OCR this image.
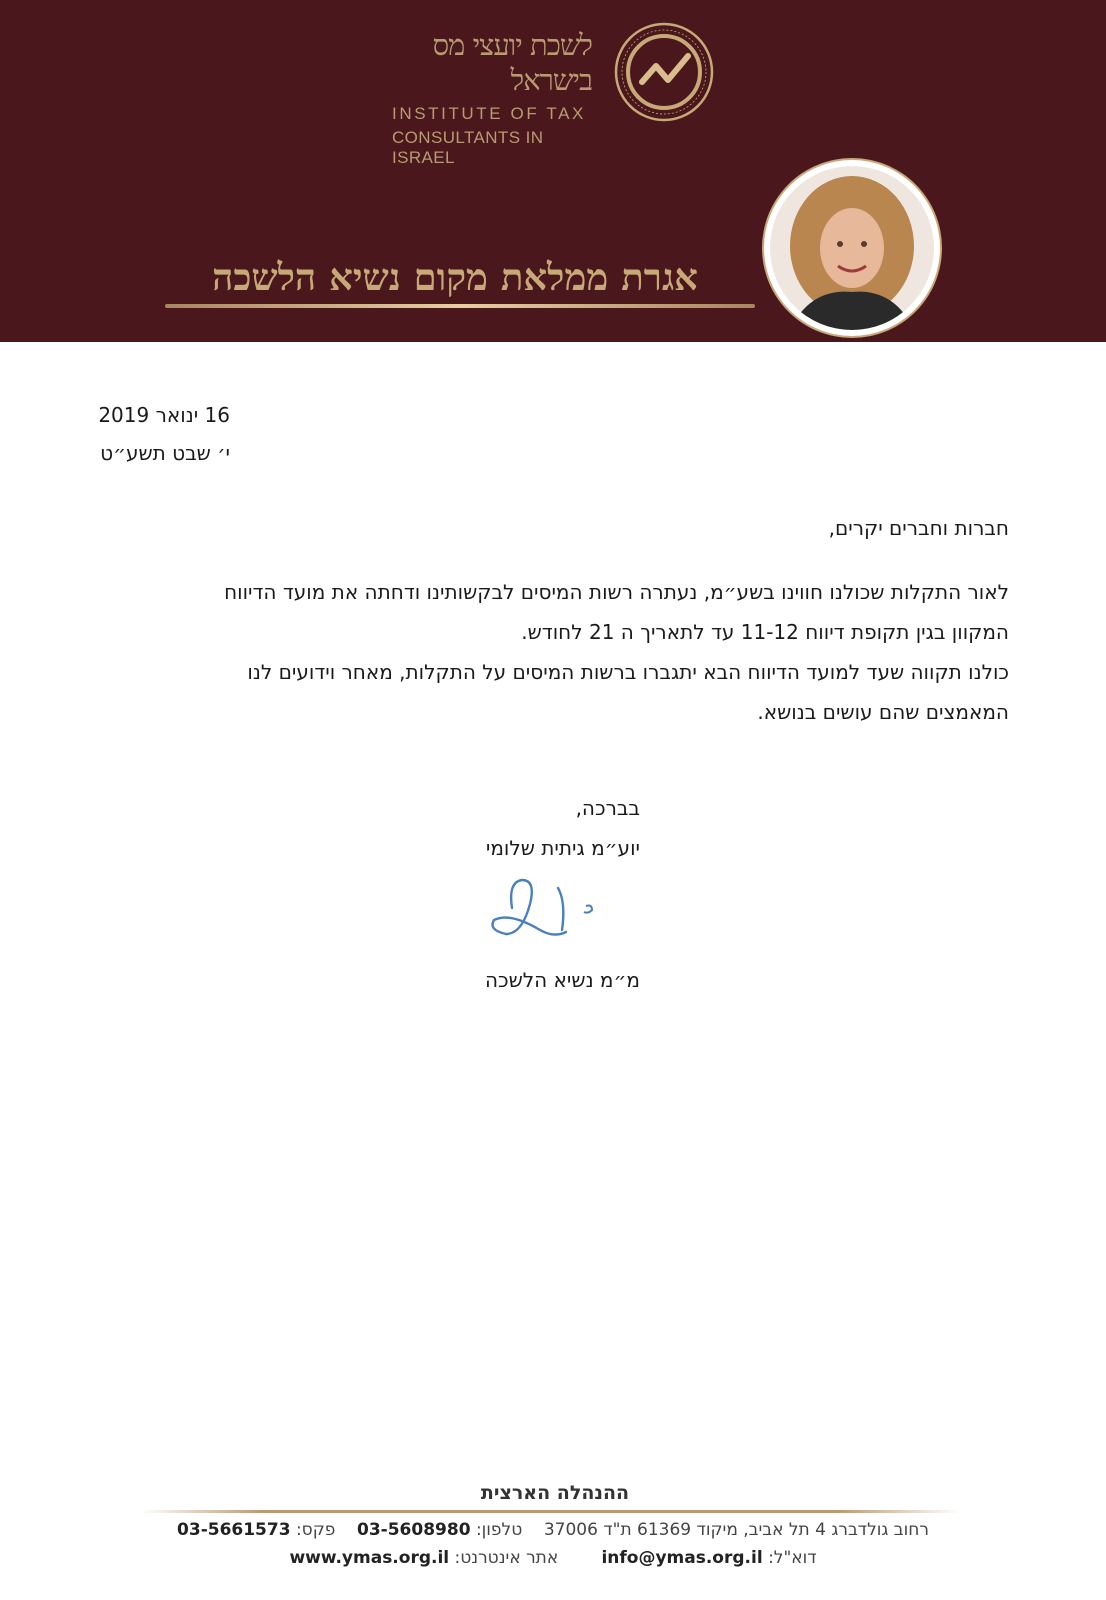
לשכת יועצי מס בישראל
INSTITUTE OF TAX
CONSULTANTS IN ISRAEL
אגרת ממלאת מקום נשיא הלשכה
16 ינואר 2019
י׳ שבט תשע״ט
חברות וחברים יקרים,
לאור התקלות שכולנו חווינו בשע״מ, נעתרה רשות המיסים לבקשותינו ודחתה את מועד הדיווח
המקוון בגין תקופת דיווח 11-12 עד לתאריך ה 21 לחודש.
כולנו תקווה שעד למועד הדיווח הבא יתגברו ברשות המיסים על התקלות, מאחר וידועים לנו
המאמצים שהם עושים בנושא.
בברכה,
יוע״מ גיתית שלומי
מ״מ נשיא הלשכה
ההנהלה הארצית
רחוב גולדברג 4 תל אביב, מיקוד 61369 ת"ד 37006    טלפון: 03-5608980    פקס: 03-5661573
דוא"ל: info@ymas.org.il        אתר אינטרנט: www.ymas.org.il
